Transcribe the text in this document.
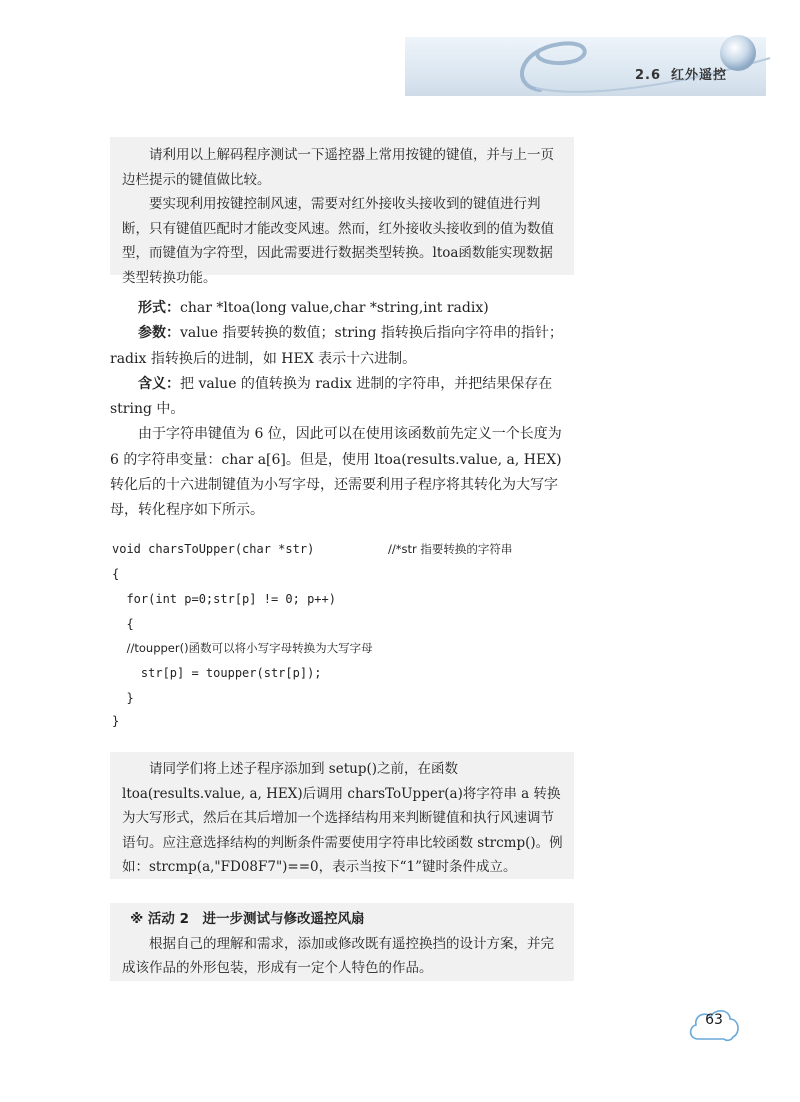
2.6 红外遥控

请利用以上解码程序测试一下遥控器上常用按键的键值，并与上一页边栏提示的键值做比较。

要实现利用按键控制风速，需要对红外接收头接收到的键值进行判断，只有键值匹配时才能改变风速。然而，红外接收头接收到的值为数值型，而键值为字符型，因此需要进行数据类型转换。ltoa函数能实现数据类型转换功能。

形式：char *ltoa(long value,char *string,int radix)

参数：value 指要转换的数值；string 指转换后指向字符串的指针；radix 指转换后的进制，如 HEX 表示十六进制。

含义：把 value 的值转换为 radix 进制的字符串，并把结果保存在 string 中。

由于字符串键值为 6 位，因此可以在使用该函数前先定义一个长度为 6 的字符串变量：char a[6]。但是，使用 ltoa(results.value, a, HEX)转化后的十六进制键值为小写字母，还需要利用子程序将其转化为大写字母，转化程序如下所示。

void charsToUpper(char *str)	//*str 指要转换的字符串
{
for(int p=0;str[p] != 0; p++)
{
//toupper()函数可以将小写字母转换为大写字母
str[p] = toupper(str[p]);
}
}

请同学们将上述子程序添加到 setup()之前，在函数 ltoa(results.value, a, HEX)后调用 charsToUpper(a)将字符串 a 转换为大写形式，然后在其后增加一个选择结构用来判断键值和执行风速调节语句。应注意选择结构的判断条件需要使用字符串比较函数 strcmp()。例如：strcmp(a,"FD08F7")==0，表示当按下“1”键时条件成立。

※ 活动 2　进一步测试与修改遥控风扇

根据自己的理解和需求，添加或修改既有遥控换挡的设计方案，并完成该作品的外形包装，形成有一定个人特色的作品。

63
